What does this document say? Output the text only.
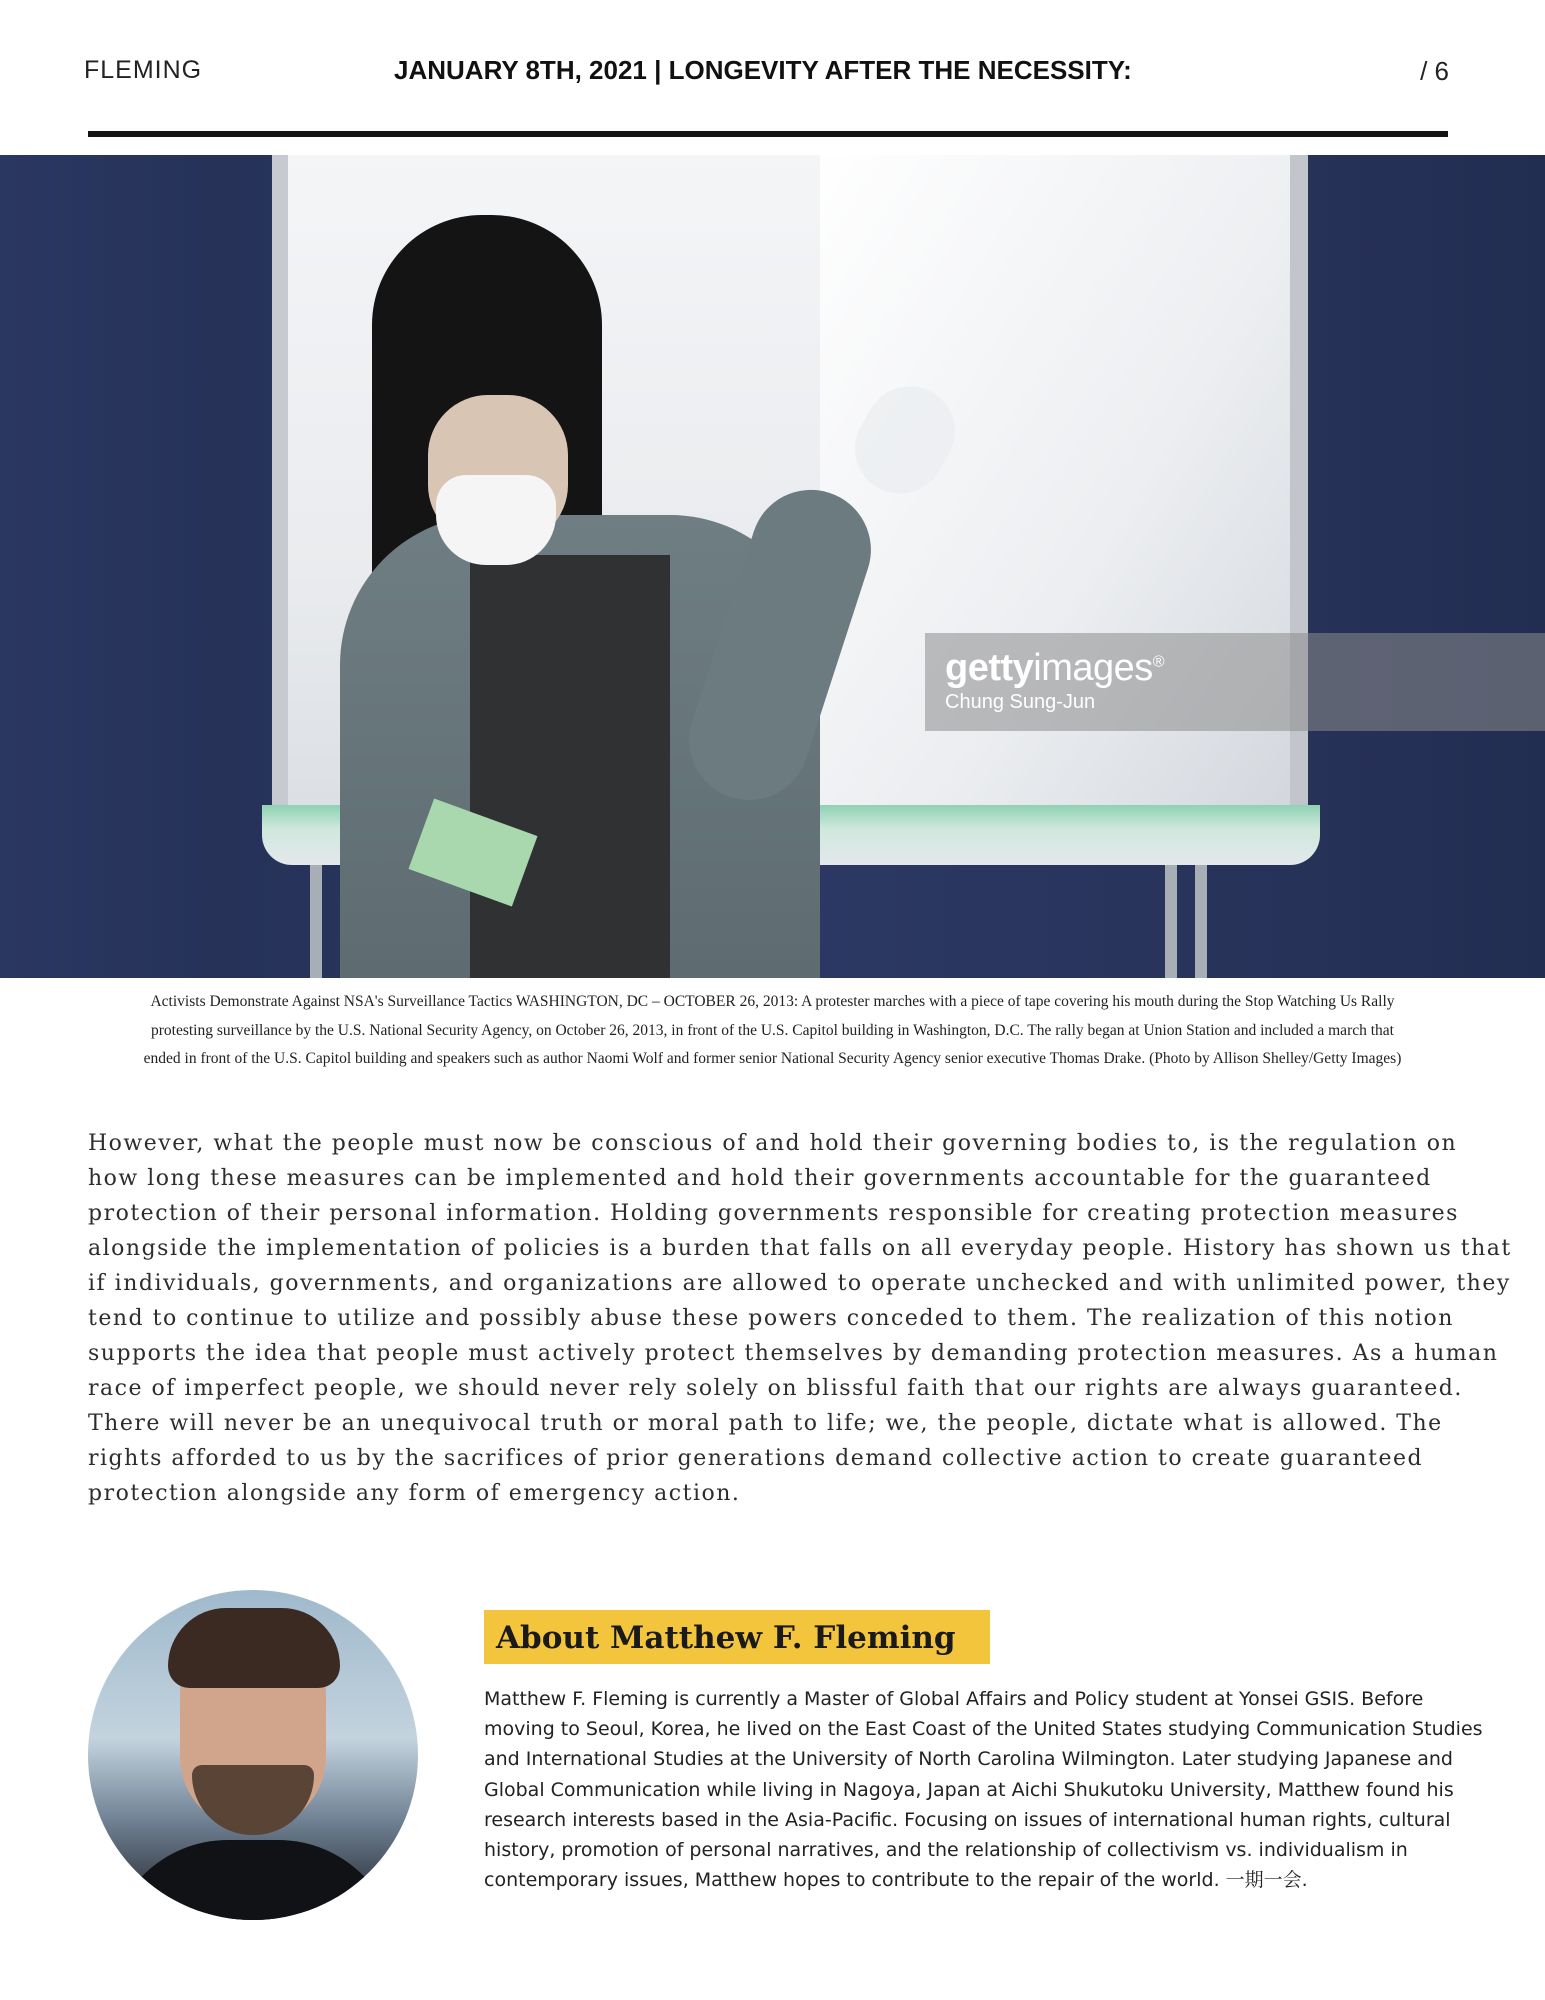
FLEMING	JANUARY 8TH, 2021 | LONGEVITY AFTER THE NECESSITY:	/ 6
gettyimages®
Chung Sung-Jun

Activists Demonstrate Against NSA's Surveillance Tactics WASHINGTON, DC – OCTOBER 26, 2013: A protester marches with a piece of tape covering his mouth during the Stop Watching Us Rally

protesting surveillance by the U.S. National Security Agency, on October 26, 2013, in front of the U.S. Capitol building in Washington, D.C. The rally began at Union Station and included a march that

ended in front of the U.S. Capitol building and speakers such as author Naomi Wolf and former senior National Security Agency senior executive Thomas Drake. (Photo by Allison Shelley/Getty Images)

However, what the people must now be conscious of and hold their governing bodies to, is the regulation on

how long these measures can be implemented and hold their governments accountable for the guaranteed

protection of their personal information. Holding governments responsible for creating protection measures

alongside the implementation of policies is a burden that falls on all everyday people. History has shown us that

if individuals, governments, and organizations are allowed to operate unchecked and with unlimited power, they

tend to continue to utilize and possibly abuse these powers conceded to them. The realization of this notion

supports the idea that people must actively protect themselves by demanding protection measures. As a human

race of imperfect people, we should never rely solely on blissful faith that our rights are always guaranteed.

There will never be an unequivocal truth or moral path to life; we, the people, dictate what is allowed. The

rights afforded to us by the sacrifices of prior generations demand collective action to create guaranteed

protection alongside any form of emergency action.

About Matthew F. Fleming

Matthew F. Fleming is currently a Master of Global Affairs and Policy student at Yonsei GSIS. Before

moving to Seoul, Korea, he lived on the East Coast of the United States studying Communication Studies

and International Studies at the University of North Carolina Wilmington. Later studying Japanese and

Global Communication while living in Nagoya, Japan at Aichi Shukutoku University, Matthew found his

research interests based in the Asia-Pacific. Focusing on issues of international human rights, cultural

history, promotion of personal narratives, and the relationship of collectivism vs. individualism in

contemporary issues, Matthew hopes to contribute to the repair of the world. 一期一会.
